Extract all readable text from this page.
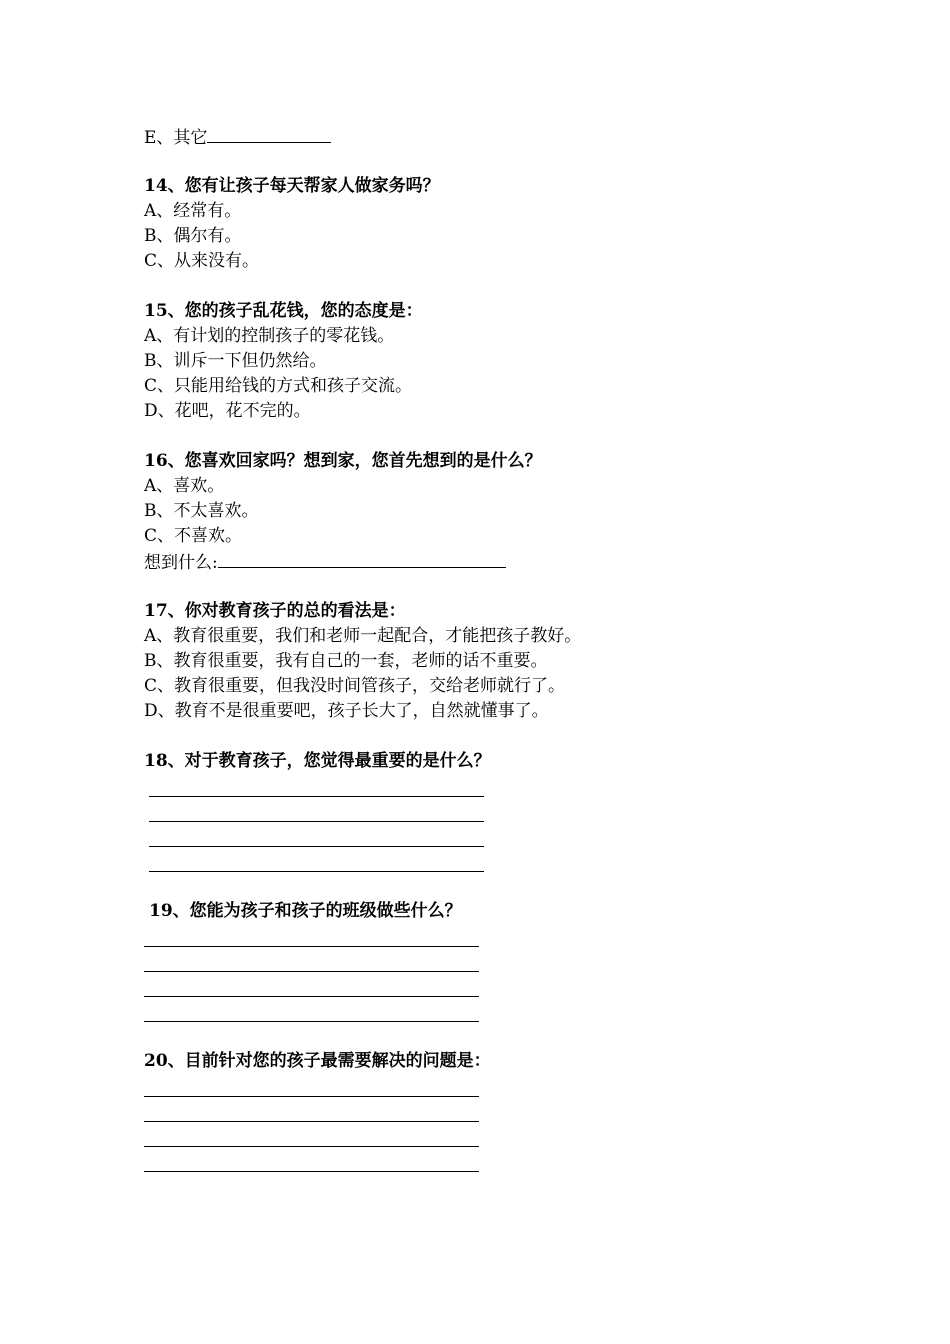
E、其它
14、您有让孩子每天帮家人做家务吗？
A、经常有。
B、偶尔有。
C、从来没有。
15、您的孩子乱花钱，您的态度是：
A、有计划的控制孩子的零花钱。
B、训斥一下但仍然给。
C、只能用给钱的方式和孩子交流。
D、花吧，花不完的。
16、您喜欢回家吗？想到家，您首先想到的是什么？
A、喜欢。
B、不太喜欢。
C、不喜欢。
想到什么:
17、你对教育孩子的总的看法是：
A、教育很重要，我们和老师一起配合，才能把孩子教好。
B、教育很重要，我有自己的一套，老师的话不重要。
C、教育很重要，但我没时间管孩子，交给老师就行了。
D、教育不是很重要吧，孩子长大了，自然就懂事了。
18、对于教育孩子，您觉得最重要的是什么？
19、您能为孩子和孩子的班级做些什么？
20、目前针对您的孩子最需要解决的问题是：
